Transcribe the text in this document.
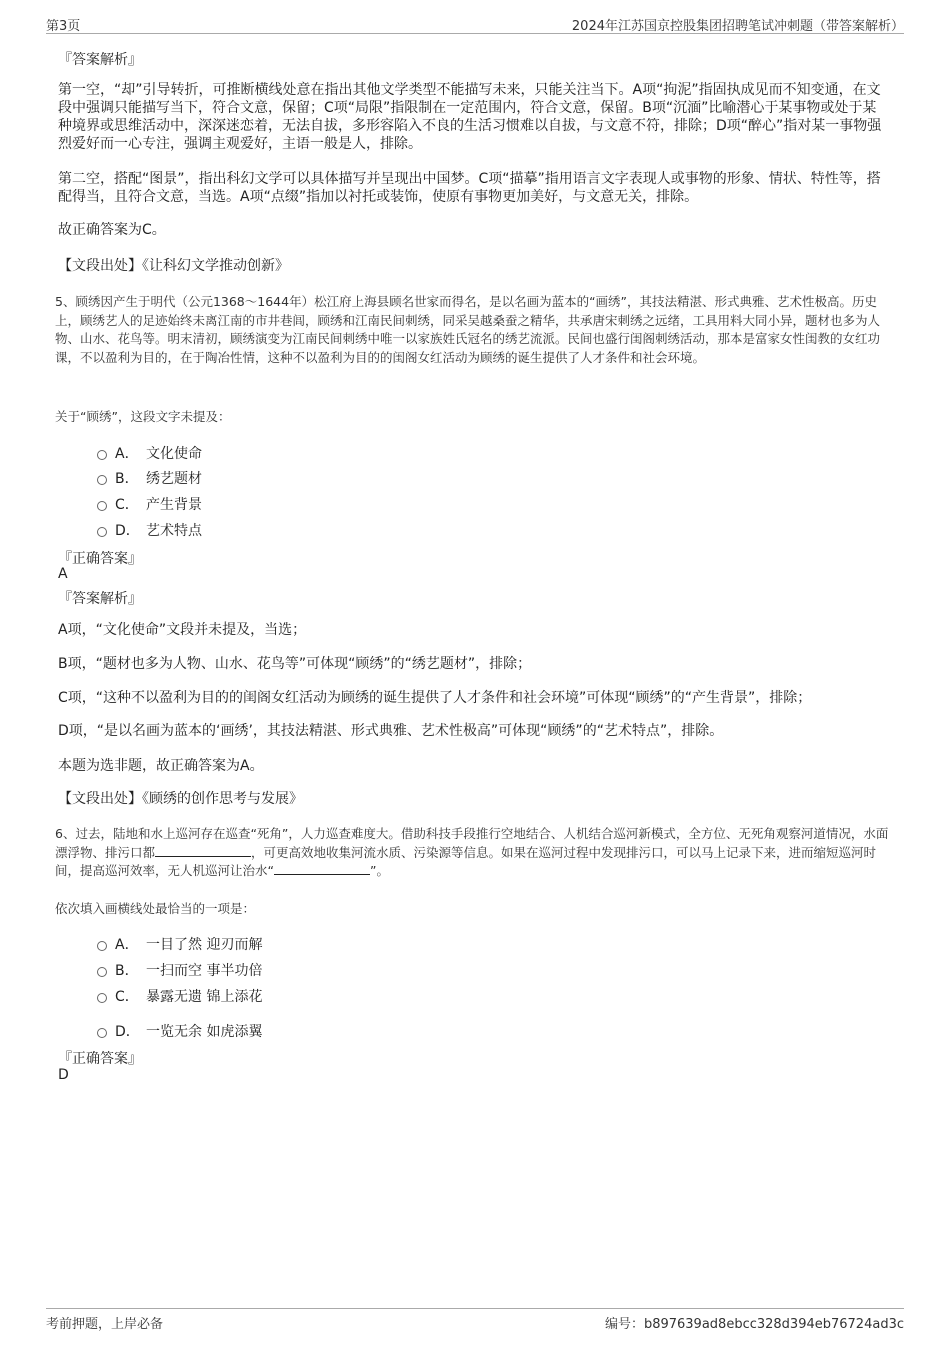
第3页	2024年江苏国京控股集团招聘笔试冲刺题（带答案解析）
『答案解析』
第一空，“却”引导转折，可推断横线处意在指出其他文学类型不能描写未来，只能关注当下。A项“拘泥”指固执成见而不知变通，在文段中强调只能描写当下，符合文意，保留；C项“局限”指限制在一定范围内，符合文意，保留。B项“沉湎”比喻潜心于某事物或处于某种境界或思维活动中，深深迷恋着，无法自拔，多形容陷入不良的生活习惯难以自拔，与文意不符，排除；D项“醉心”指对某一事物强烈爱好而一心专注，强调主观爱好，主语一般是人，排除。
第二空，搭配“图景”，指出科幻文学可以具体描写并呈现出中国梦。C项“描摹”指用语言文字表现人或事物的形象、情状、特性等，搭配得当，且符合文意，当选。A项“点缀”指加以衬托或装饰，使原有事物更加美好，与文意无关，排除。
故正确答案为C。
【文段出处】《让科幻文学推动创新》
5、顾绣因产生于明代（公元1368～1644年）松江府上海县顾名世家而得名，是以名画为蓝本的“画绣”，其技法精湛、形式典雅、艺术性极高。历史上，顾绣艺人的足迹始终未离江南的市井巷闾，顾绣和江南民间刺绣，同采吴越桑蚕之精华，共承唐宋刺绣之远绪，工具用料大同小异，题材也多为人物、山水、花鸟等。明末清初，顾绣演变为江南民间刺绣中唯一以家族姓氏冠名的绣艺流派。民间也盛行闺阁刺绣活动，那本是富家女性闺教的女红功课，不以盈利为目的，在于陶冶性情，这种不以盈利为目的的闺阁女红活动为顾绣的诞生提供了人才条件和社会环境。
关于“顾绣”，这段文字未提及：
A． 文化使命
B． 绣艺题材
C． 产生背景
D． 艺术特点
『正确答案』
A
『答案解析』
A项，“文化使命”文段并未提及，当选；
B项，“题材也多为人物、山水、花鸟等”可体现“顾绣”的“绣艺题材”，排除；
C项，“这种不以盈利为目的的闺阁女红活动为顾绣的诞生提供了人才条件和社会环境”可体现“顾绣”的“产生背景”，排除；
D项，“是以名画为蓝本的‘画绣’，其技法精湛、形式典雅、艺术性极高”可体现“顾绣”的“艺术特点”，排除。
本题为选非题，故正确答案为A。
【文段出处】《顾绣的创作思考与发展》
6、过去，陆地和水上巡河存在巡查“死角”，人力巡查难度大。借助科技手段推行空地结合、人机结合巡河新模式，全方位、无死角观察河道情况，水面漂浮物、排污口都	，可更高效地收集河流水质、污染源等信息。如果在巡河过程中发现排污口，可以马上记录下来，进而缩短巡河时间，提高巡河效率，无人机巡河让治水“	”。
依次填入画横线处最恰当的一项是：
A． 一目了然 迎刃而解
B． 一扫而空 事半功倍
C． 暴露无遗 锦上添花
D． 一览无余 如虎添翼
『正确答案』
D
考前押题，上岸必备	编号：b897639ad8ebcc328d394eb76724ad3c
